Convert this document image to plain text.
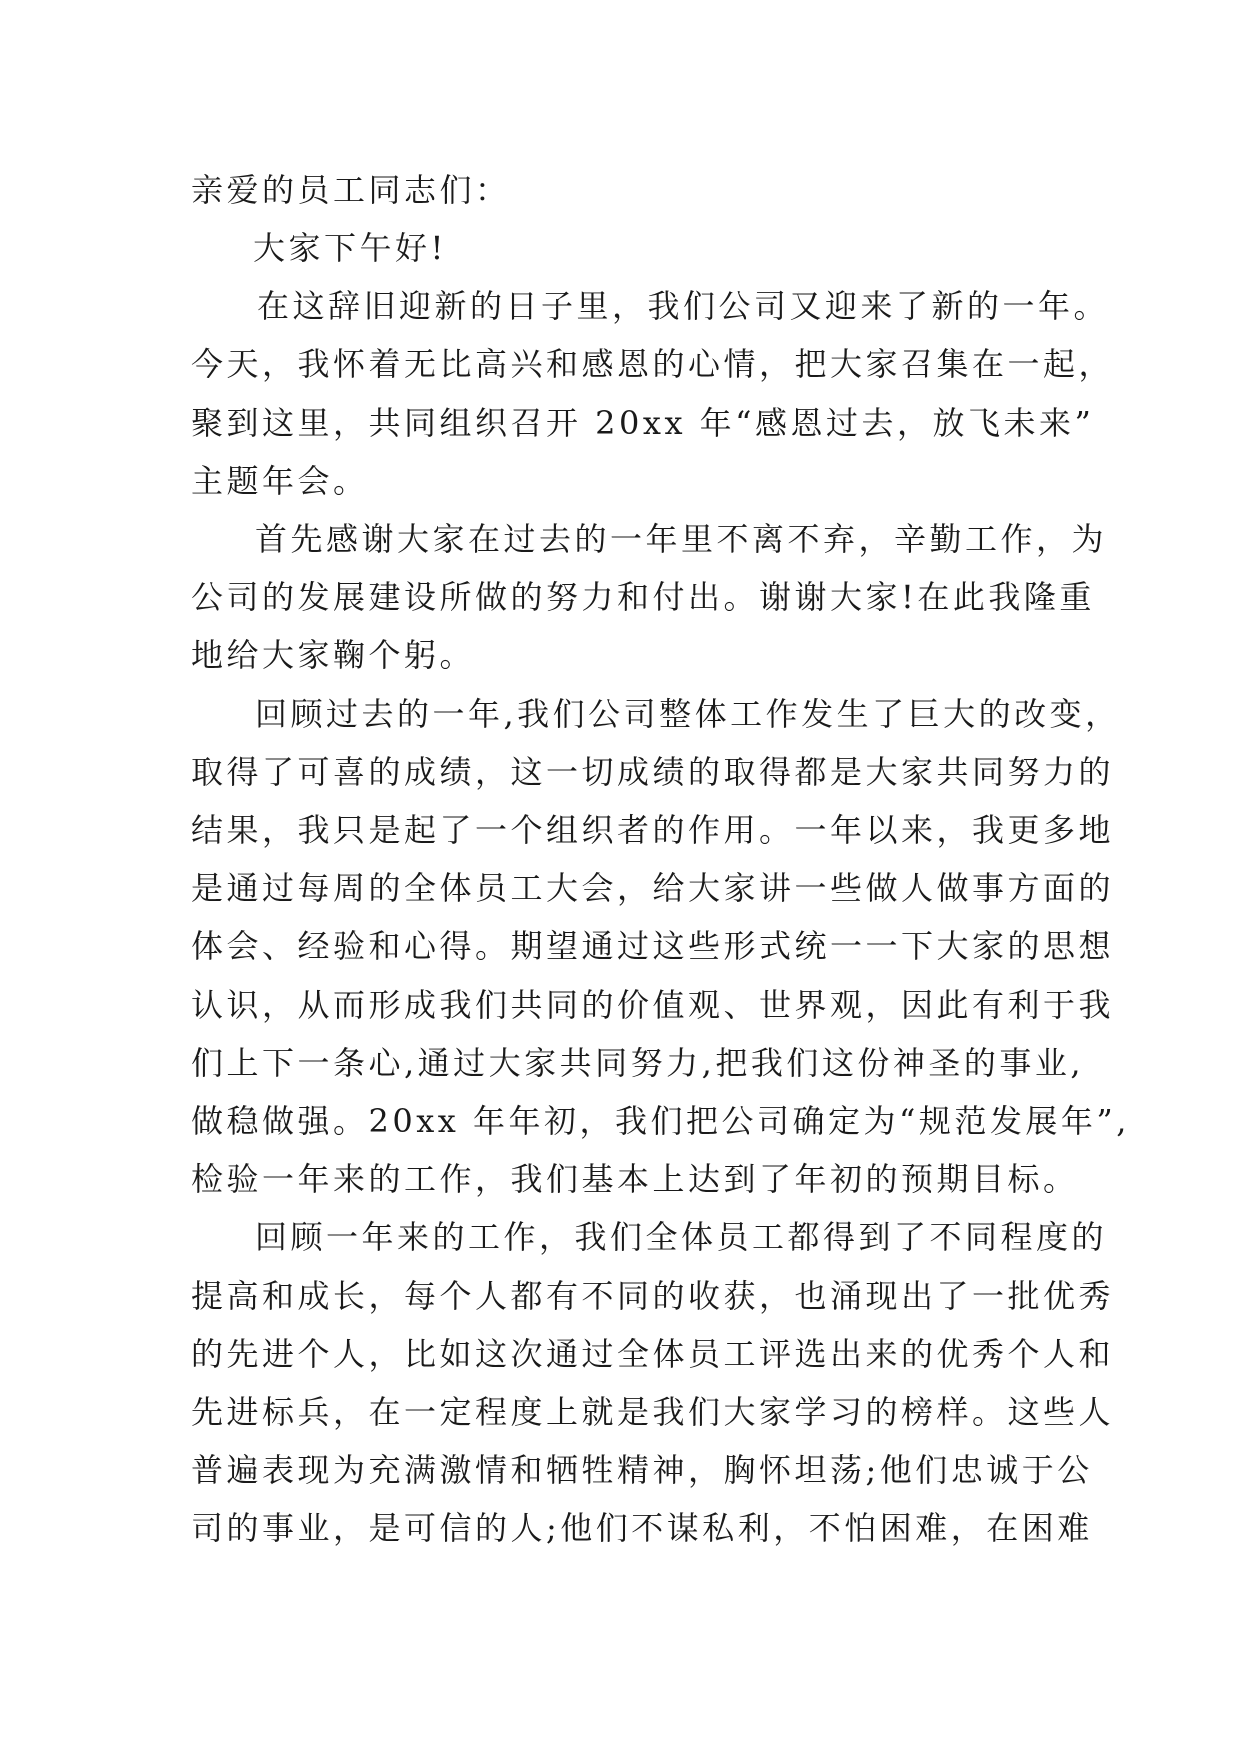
亲爱的员工同志们：
大家下午好!
在这辞旧迎新的日子里，我们公司又迎来了新的一年。
今天，我怀着无比高兴和感恩的心情，把大家召集在一起，
聚到这里，共同组织召开 20xx 年“感恩过去，放飞未来”
主题年会。
首先感谢大家在过去的一年里不离不弃，辛勤工作，为
公司的发展建设所做的努力和付出。谢谢大家!在此我隆重
地给大家鞠个躬。
回顾过去的一年,我们公司整体工作发生了巨大的改变，
取得了可喜的成绩，这一切成绩的取得都是大家共同努力的
结果，我只是起了一个组织者的作用。一年以来，我更多地
是通过每周的全体员工大会，给大家讲一些做人做事方面的
体会、经验和心得。期望通过这些形式统一一下大家的思想
认识，从而形成我们共同的价值观、世界观，因此有利于我
们上下一条心,通过大家共同努力,把我们这份神圣的事业,
做稳做强。20xx 年年初，我们把公司确定为“规范发展年”,
检验一年来的工作，我们基本上达到了年初的预期目标。
回顾一年来的工作，我们全体员工都得到了不同程度的
提高和成长，每个人都有不同的收获，也涌现出了一批优秀
的先进个人，比如这次通过全体员工评选出来的优秀个人和
先进标兵，在一定程度上就是我们大家学习的榜样。这些人
普遍表现为充满激情和牺牲精神，胸怀坦荡;他们忠诚于公
司的事业，是可信的人;他们不谋私利，不怕困难，在困难
